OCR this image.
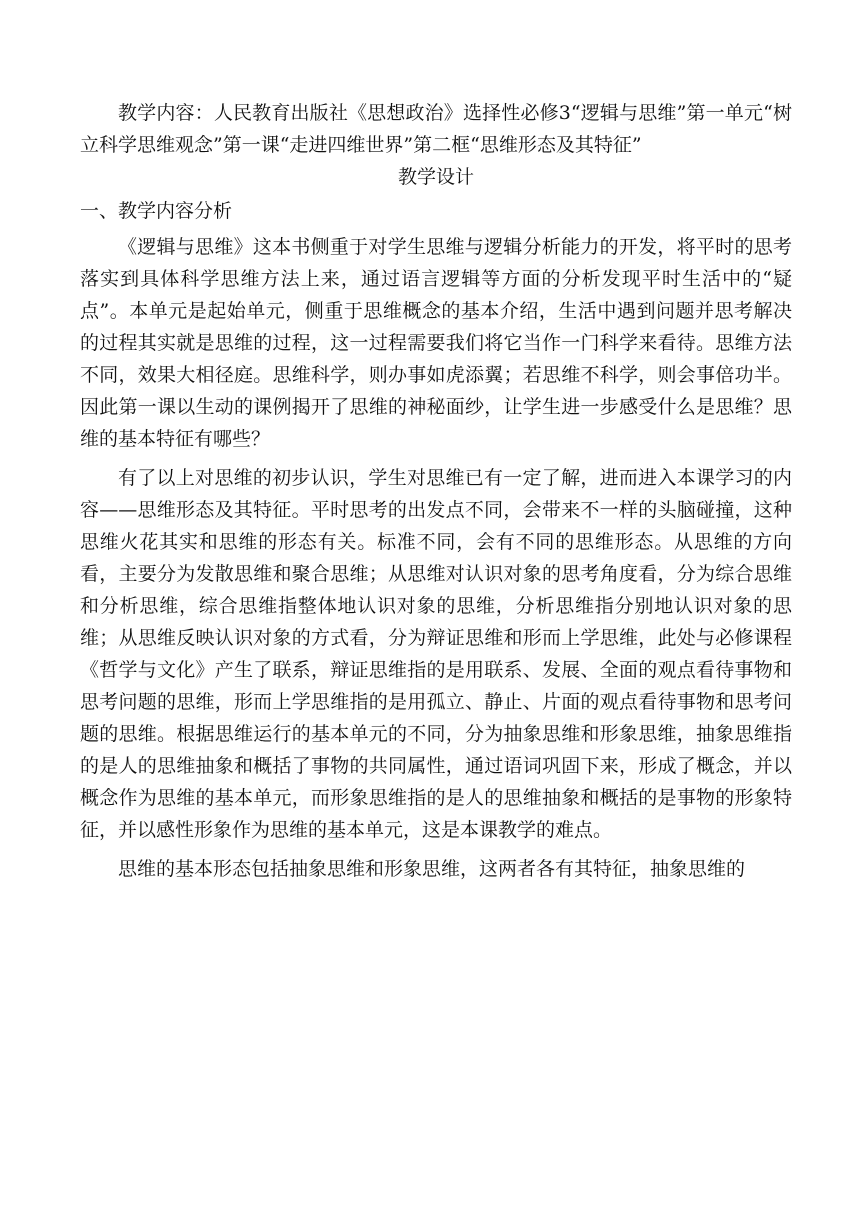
教学内容：人民教育出版社《思想政治》选择性必修3“逻辑与思维”第一单元“树立科学思维观念”第一课“走进四维世界”第二框“思维形态及其特征”

教学设计

一、教学内容分析

《逻辑与思维》这本书侧重于对学生思维与逻辑分析能力的开发，将平时的思考落实到具体科学思维方法上来，通过语言逻辑等方面的分析发现平时生活中的“疑点”。本单元是起始单元，侧重于思维概念的基本介绍，生活中遇到问题并思考解决的过程其实就是思维的过程，这一过程需要我们将它当作一门科学来看待。思维方法不同，效果大相径庭。思维科学，则办事如虎添翼；若思维不科学，则会事倍功半。因此第一课以生动的课例揭开了思维的神秘面纱，让学生进一步感受什么是思维？思维的基本特征有哪些？

有了以上对思维的初步认识，学生对思维已有一定了解，进而进入本课学习的内容——思维形态及其特征。平时思考的出发点不同，会带来不一样的头脑碰撞，这种思维火花其实和思维的形态有关。标准不同，会有不同的思维形态。从思维的方向看，主要分为发散思维和聚合思维；从思维对认识对象的思考角度看，分为综合思维和分析思维，综合思维指整体地认识对象的思维，分析思维指分别地认识对象的思维；从思维反映认识对象的方式看，分为辩证思维和形而上学思维，此处与必修课程《哲学与文化》产生了联系，辩证思维指的是用联系、发展、全面的观点看待事物和思考问题的思维，形而上学思维指的是用孤立、静止、片面的观点看待事物和思考问题的思维。根据思维运行的基本单元的不同，分为抽象思维和形象思维，抽象思维指的是人的思维抽象和概括了事物的共同属性，通过语词巩固下来，形成了概念，并以概念作为思维的基本单元，而形象思维指的是人的思维抽象和概括的是事物的形象特征，并以感性形象作为思维的基本单元，这是本课教学的难点。

思维的基本形态包括抽象思维和形象思维，这两者各有其特征，抽象思维的
